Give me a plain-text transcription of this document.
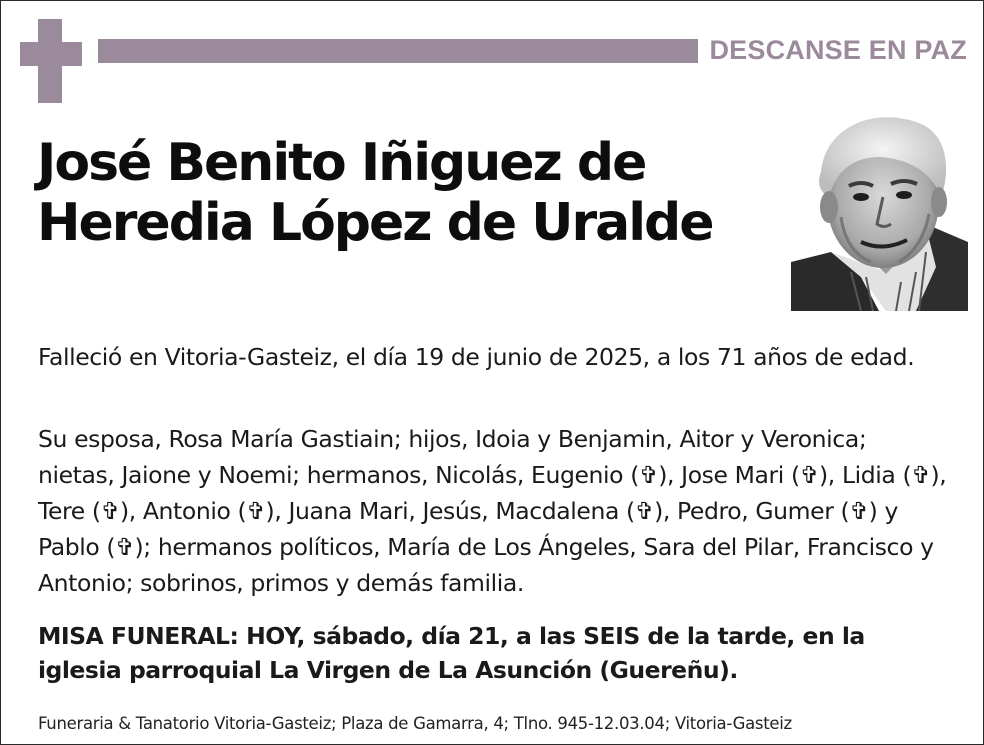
DESCANSE EN PAZ
José Benito Iñiguez de
Heredia López de Uralde

Falleció en Vitoria-Gasteiz, el día 19 de junio de 2025, a los 71 años de edad.

Su esposa, Rosa María Gastiain; hijos, Idoia y Benjamin, Aitor y Veronica; nietas, Jaione y Noemi; hermanos, Nicolás, Eugenio (✞), Jose Mari (✞), Lidia (✞), Tere (✞), Antonio (✞), Juana Mari, Jesús, Macdalena (✞), Pedro, Gumer (✞) y Pablo (✞); hermanos políticos, María de Los Ángeles, Sara del Pilar, Francisco y Antonio; sobrinos, primos y demás familia.

MISA FUNERAL: HOY, sábado, día 21, a las SEIS de la tarde, en la iglesia parroquial La Virgen de La Asunción (Guereñu).

Funeraria & Tanatorio Vitoria-Gasteiz; Plaza de Gamarra, 4; Tlno. 945-12.03.04; Vitoria-Gasteiz
